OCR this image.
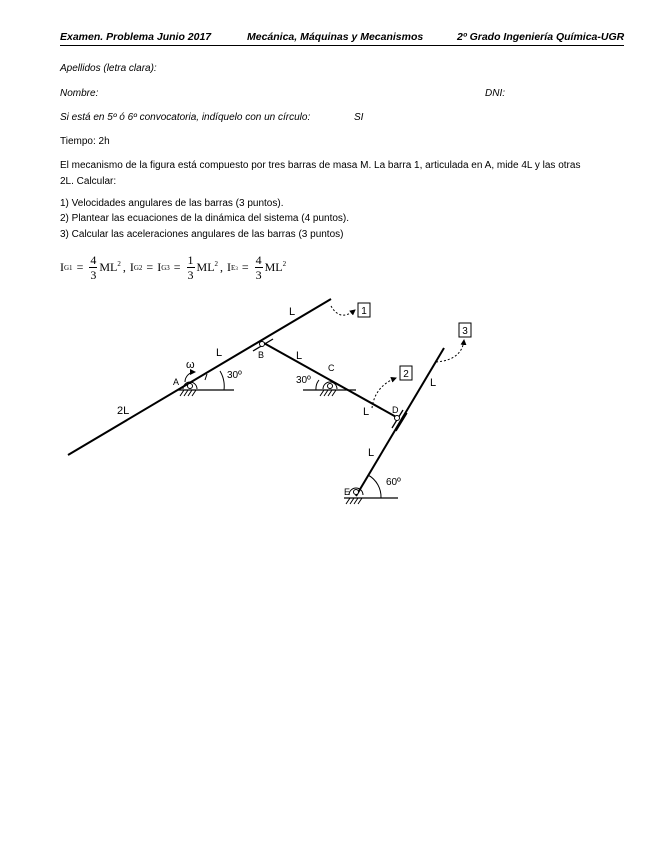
Examen. Problema Junio 2017	Mecánica, Máquinas y Mecanismos	2º Grado Ingeniería Química-UGR
Apellidos (letra clara):
Nombre:	DNI:
Si está en 5º ó 6º convocatoria, indíquelo con un círculo:	SI
Tiempo: 2h
El mecanismo de la figura está compuesto por tres barras de masa M. La barra 1, articulada en A, mide 4L y las otras
2L. Calcular:
1) Velocidades angulares de las barras (3 puntos).
2) Plantear las ecuaciones de la dinámica del sistema (4 puntos).
3) Calcular las aceleraciones angulares de las barras (3 puntos)
I $G1 = \frac{4}{3} ML^2$ , I G2 = I $G3 = \frac{1}{3} ML^2$ , I $E3 = \frac{4}{3} ML^2$
1
2
3
L
L	L
L
L
L
2L
A
B
C
D
E
ω
30º	30º
60º
